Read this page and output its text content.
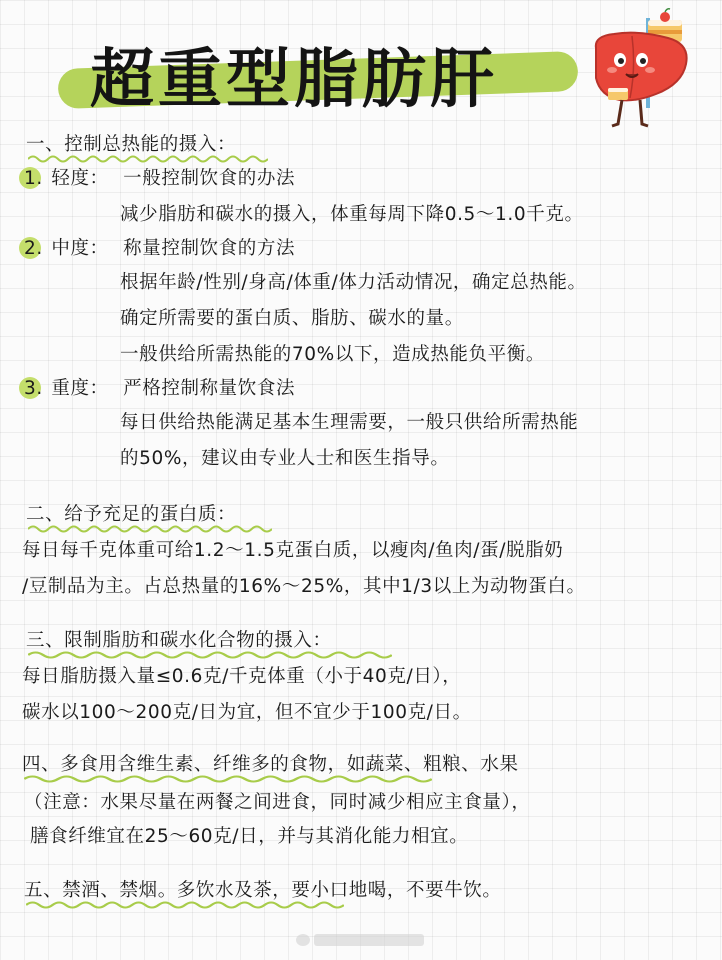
超重型脂肪肝
一、控制总热能的摄入：
1. 轻度： 一般控制饮食的办法
减少脂肪和碳水的摄入，体重每周下降0.5～1.0千克。
2. 中度： 称量控制饮食的方法
根据年龄/性别/身高/体重/体力活动情况，确定总热能。
确定所需要的蛋白质、脂肪、碳水的量。
一般供给所需热能的70%以下，造成热能负平衡。
3. 重度： 严格控制称量饮食法
每日供给热能满足基本生理需要，一般只供给所需热能
的50%，建议由专业人士和医生指导。
二、给予充足的蛋白质：
每日每千克体重可给1.2～1.5克蛋白质，以瘦肉/鱼肉/蛋/脱脂奶
/豆制品为主。占总热量的16%～25%，其中1/3以上为动物蛋白。
三、限制脂肪和碳水化合物的摄入：
每日脂肪摄入量≤0.6克/千克体重（小于40克/日），
碳水以100～200克/日为宜，但不宜少于100克/日。
四、多食用含维生素、纤维多的食物，如蔬菜、粗粮、水果
（注意：水果尽量在两餐之间进食，同时减少相应主食量），
膳食纤维宜在25～60克/日，并与其消化能力相宜。
五、禁酒、禁烟。多饮水及茶，要小口地喝，不要牛饮。
